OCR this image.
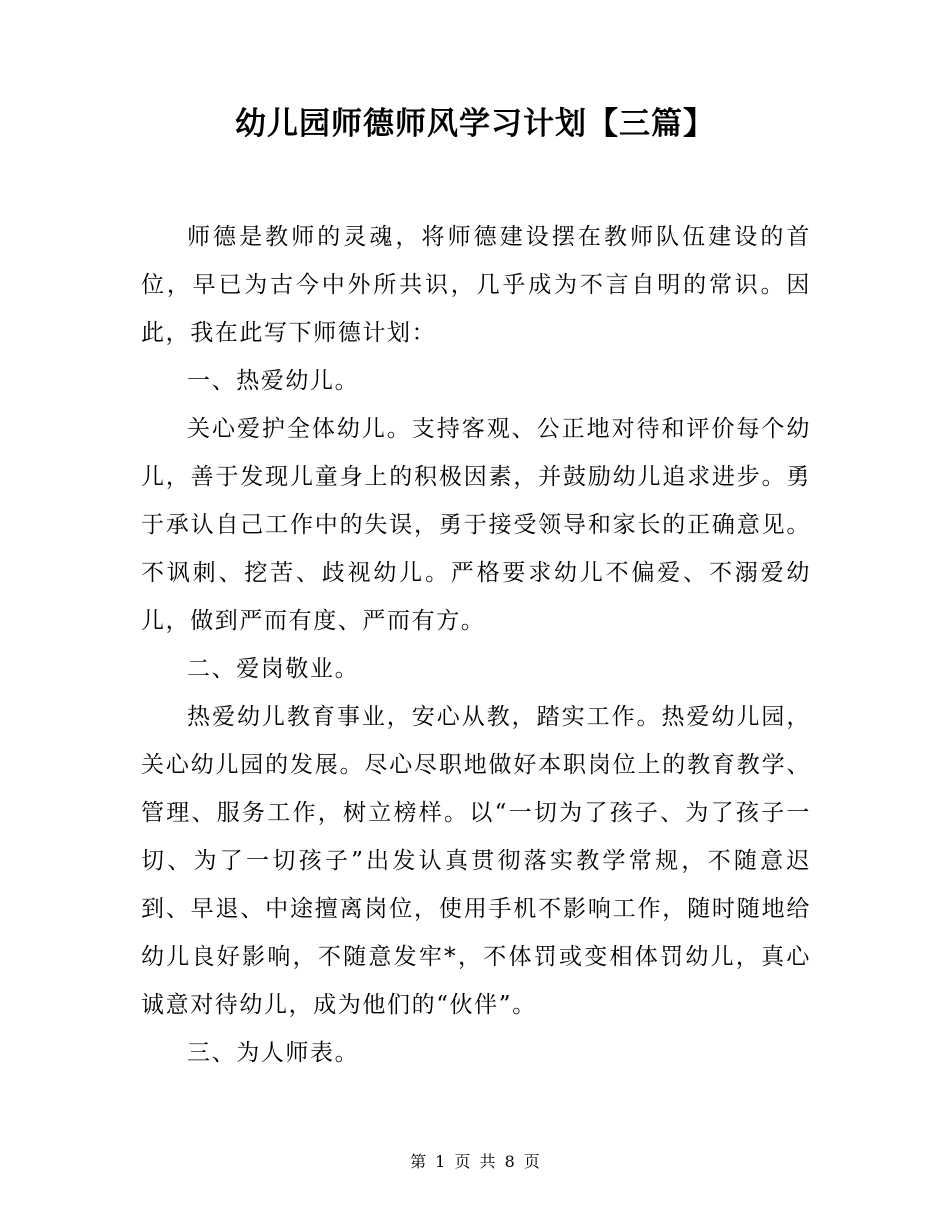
幼儿园师德师风学习计划【三篇】

师德是教师的灵魂，将师德建设摆在教师队伍建设的首位，早已为古今中外所共识，几乎成为不言自明的常识。因此，我在此写下师德计划：

一、热爱幼儿。

关心爱护全体幼儿。支持客观、公正地对待和评价每个幼儿，善于发现儿童身上的积极因素，并鼓励幼儿追求进步。勇于承认自己工作中的失误，勇于接受领导和家长的正确意见。不讽刺、挖苦、歧视幼儿。严格要求幼儿不偏爱、不溺爱幼儿，做到严而有度、严而有方。

二、爱岗敬业。

热爱幼儿教育事业，安心从教，踏实工作。热爱幼儿园，关心幼儿园的发展。尽心尽职地做好本职岗位上的教育教学、管理、服务工作，树立榜样。以“一切为了孩子、为了孩子一切、为了一切孩子”出发认真贯彻落实教学常规，不随意迟到、早退、中途擅离岗位，使用手机不影响工作，随时随地给幼儿良好影响，不随意发牢*，不体罚或变相体罚幼儿，真心诚意对待幼儿，成为他们的“伙伴”。

三、为人师表。

第 1 页 共 8 页
